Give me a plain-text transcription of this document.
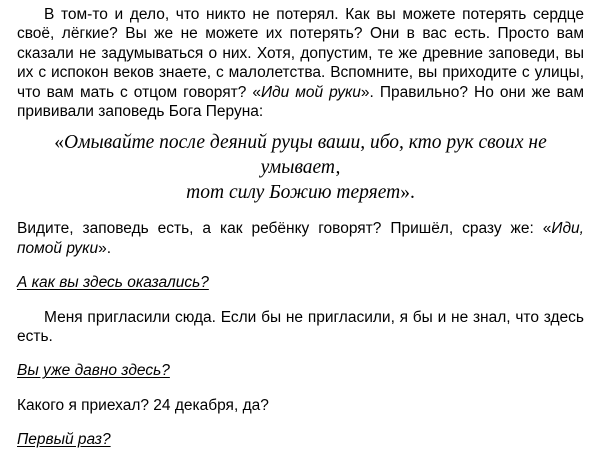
В том-то и дело, что никто не потерял. Как вы можете потерять сердце своё, лёгкие? Вы же не можете их потерять? Они в вас есть. Просто вам сказали не задумываться о них. Хотя, допустим, те же древние заповеди, вы их с испокон веков знаете, с малолетства. Вспомните, вы приходите с улицы, что вам мать с отцом говорят? «Иди мой руки». Правильно? Но они же вам прививали заповедь Бога Перуна:

«Омывайте после деяний руцы ваши, ибо, кто рук своих не умывает,
тот силу Божию теряет».

Видите, заповедь есть, а как ребёнку говорят? Пришёл, сразу же: «Иди, помой руки».

А как вы здесь оказались?

Меня пригласили сюда. Если бы не пригласили, я бы и не знал, что здесь есть.

Вы уже давно здесь?

Какого я приехал? 24 декабря, да?

Первый раз?
